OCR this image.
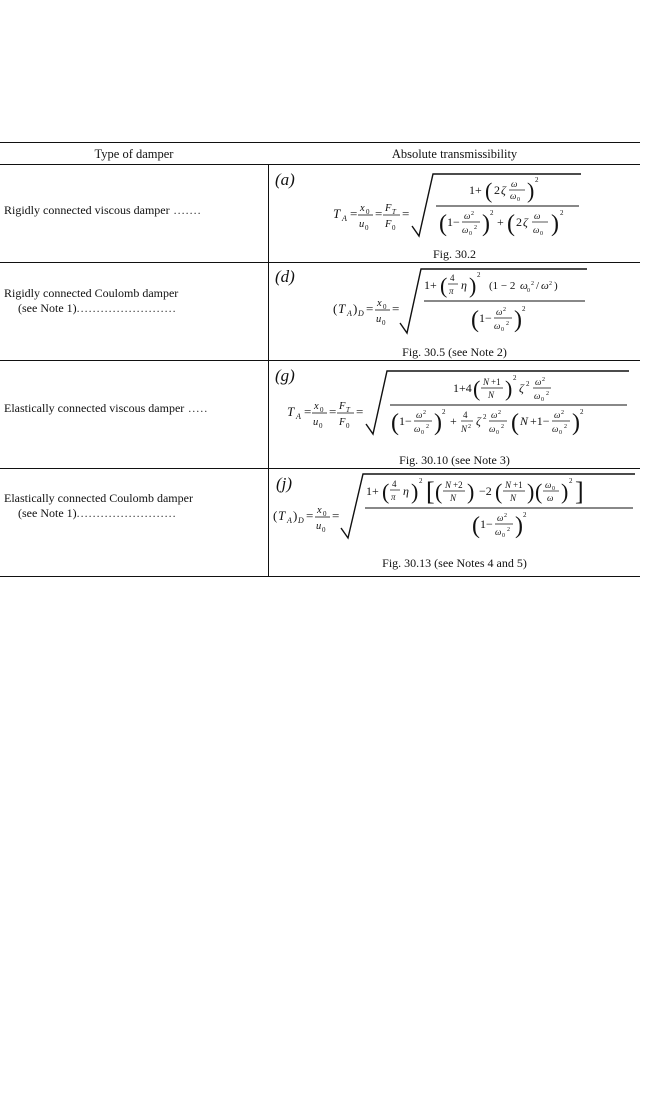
Type of damper	Absolute transmissibility
Rigidly connected viscous damper .......
(a)
T A = x 0
u 0
= F T
F 0
=
1+ ( 2 ζ ω
ω 0 ) 2
( 1− ω 2
ω 0
2 ) 2
+ ( 2 ζ ω
ω 0 ) 2
Fig. 30.2
Rigidly connected Coulomb damper
(see Note 1).........................
(d)
( T A ) D = x 0
u 0
=
1+ ( 4
π η ) 2
(1 − 2 ω 0
2 / ω 2 )
( 1− ω 2
ω 0
2 ) 2
Fig. 30.5 (see Note 2)
Elastically connected viscous damper .....
(g)
T A = x 0
u 0
= F T
F 0
=
1+4 ( N +1
N ) 2
ζ 2 ω 2
ω 0
2
( 1− ω 2
ω 0
2 ) 2
+ 4
N 2 ζ 2 ω 2
ω 0
2 ( N +1− ω 2
ω 0
2 ) 2
Fig. 30.10 (see Note 3)
Elastically connected Coulomb damper
(see Note 1).........................
(j)
( T A ) D = x 0
u 0
=
1+ ( 4
π η ) 2 [ ( N +2
N ) −2 ( N +1
N ) ( ω 0
ω ) 2 ]
( 1− ω 2
ω 0
2 ) 2
Fig. 30.13 (see Notes 4 and 5)
